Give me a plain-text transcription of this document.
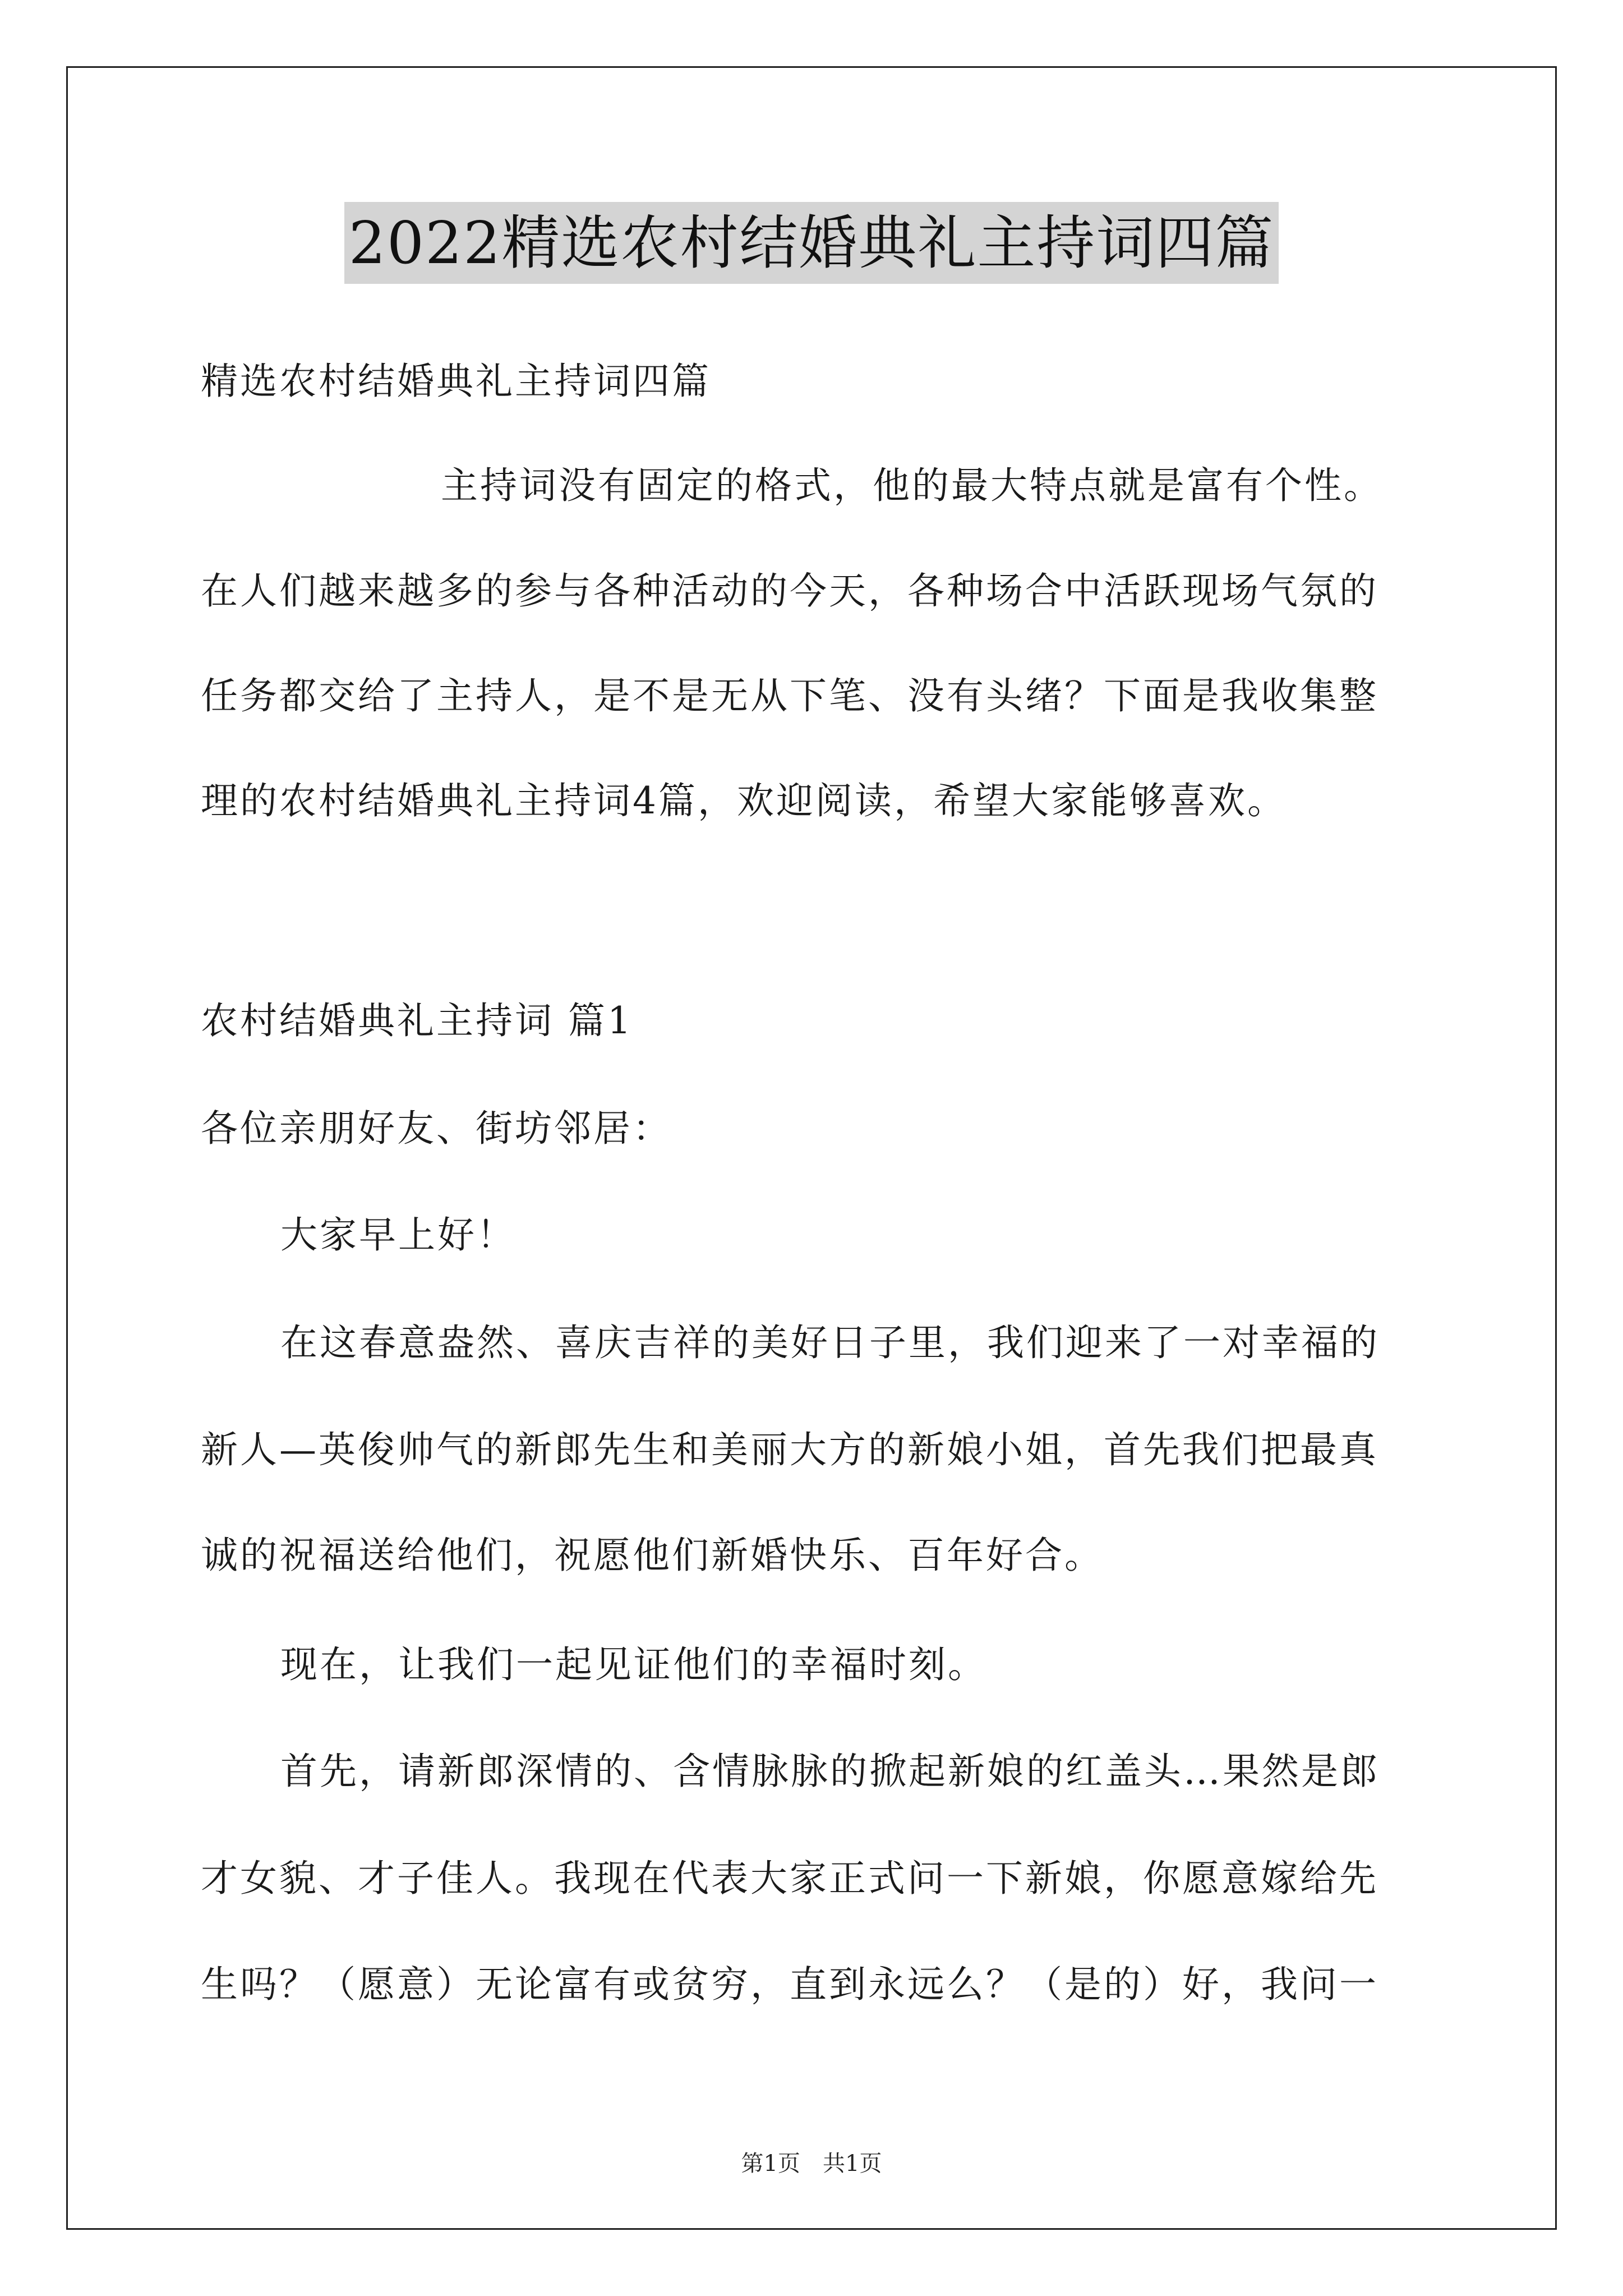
2022精选农村结婚典礼主持词四篇
精选农村结婚典礼主持词四篇
主持词没有固定的格式，他的最大特点就是富有个性。
在人们越来越多的参与各种活动的今天，各种场合中活跃现场气氛的
任务都交给了主持人，是不是无从下笔、没有头绪？下面是我收集整
理的农村结婚典礼主持词4篇，欢迎阅读，希望大家能够喜欢。
农村结婚典礼主持词 篇1
各位亲朋好友、街坊邻居：
大家早上好！
在这春意盎然、喜庆吉祥的美好日子里，我们迎来了一对幸福的
新人—英俊帅气的新郎先生和美丽大方的新娘小姐，首先我们把最真
诚的祝福送给他们，祝愿他们新婚快乐、百年好合。
现在，让我们一起见证他们的幸福时刻。
首先，请新郎深情的、含情脉脉的掀起新娘的红盖头…果然是郎
才女貌、才子佳人。我现在代表大家正式问一下新娘，你愿意嫁给先
生吗？（愿意）无论富有或贫穷，直到永远么？（是的）好，我问一
第1页 共1页
